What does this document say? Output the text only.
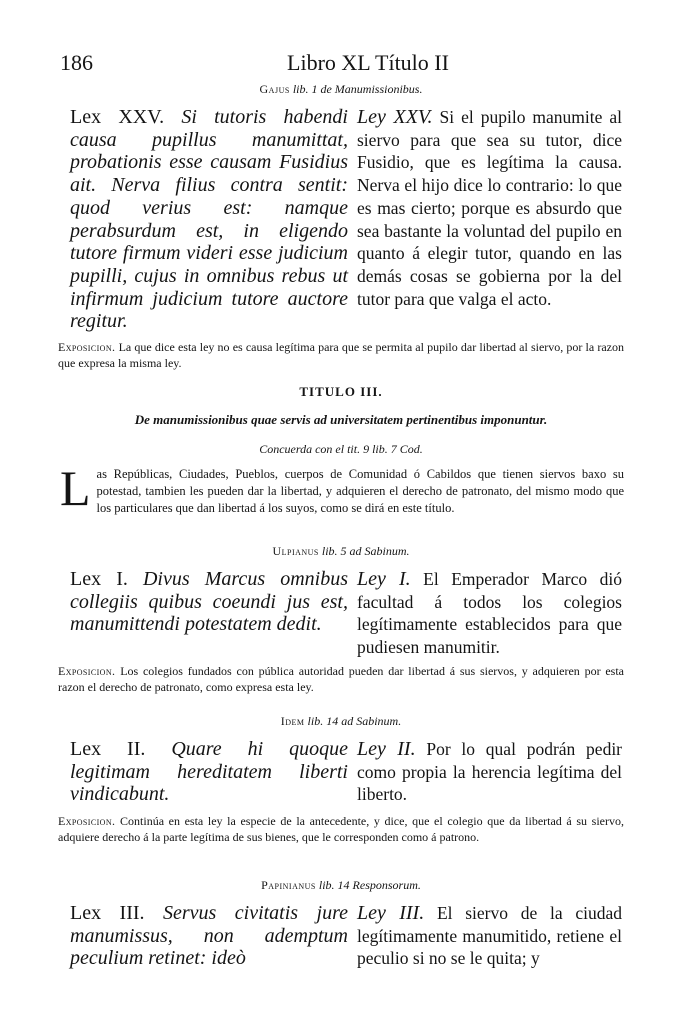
186	Libro XL Título II
Gajus lib. 1 de Manumissionibus.
Lex XXV. Si tutoris habendi causa pupillus manumittat, probationis esse causam Fusidius ait. Nerva filius contra sentit: quod verius est: namque perabsurdum est, in eligendo tutore firmum videri esse judicium pupilli, cujus in omnibus rebus ut infirmum judicium tutore auctore regitur.
Ley XXV. Si el pupilo manumite al siervo para que sea su tutor, dice Fusidio, que es legítima la causa. Nerva el hijo dice lo contrario: lo que es mas cierto; porque es absurdo que sea bastante la voluntad del pupilo en quanto á elegir tutor, quando en las demás cosas se gobierna por la del tutor para que valga el acto.
Exposicion. La que dice esta ley no es causa legítima para que se permita al pupilo dar libertad al siervo, por la razon que expresa la misma ley.
TITULO III.
De manumissionibus quae servis ad universitatem pertinentibus imponuntur.
Concuerda con el tit. 9 lib. 7 Cod.
Las Repúblicas, Ciudades, Pueblos, cuerpos de Comunidad ó Cabildos que tienen siervos baxo su potestad, tambien les pueden dar la libertad, y adquieren el derecho de patronato, del mismo modo que los particulares que dan libertad á los suyos, como se dirá en este título.
Ulpianus lib. 5 ad Sabinum.
Lex I. Divus Marcus omnibus collegiis quibus coeundi jus est, manumittendi potestatem dedit.
Ley I. El Emperador Marco dió facultad á todos los colegios legítimamente establecidos para que pudiesen manumitir.
Exposicion. Los colegios fundados con pública autoridad pueden dar libertad á sus siervos, y adquieren por esta razon el derecho de patronato, como expresa esta ley.
Idem lib. 14 ad Sabinum.
Lex II. Quare hi quoque legitimam hereditatem liberti vindicabunt.
Ley II. Por lo qual podrán pedir como propia la herencia legítima del liberto.
Exposicion. Continúa en esta ley la especie de la antecedente, y dice, que el colegio que da libertad á su siervo, adquiere derecho á la parte legítima de sus bienes, que le corresponden como á patrono.
Papinianus lib. 14 Responsorum.
Lex III. Servus civitatis jure manumissus, non ademptum peculium retinet: ideò
Ley III. El siervo de la ciudad legítimamente manumitido, retiene el peculio si no se le quita; y
